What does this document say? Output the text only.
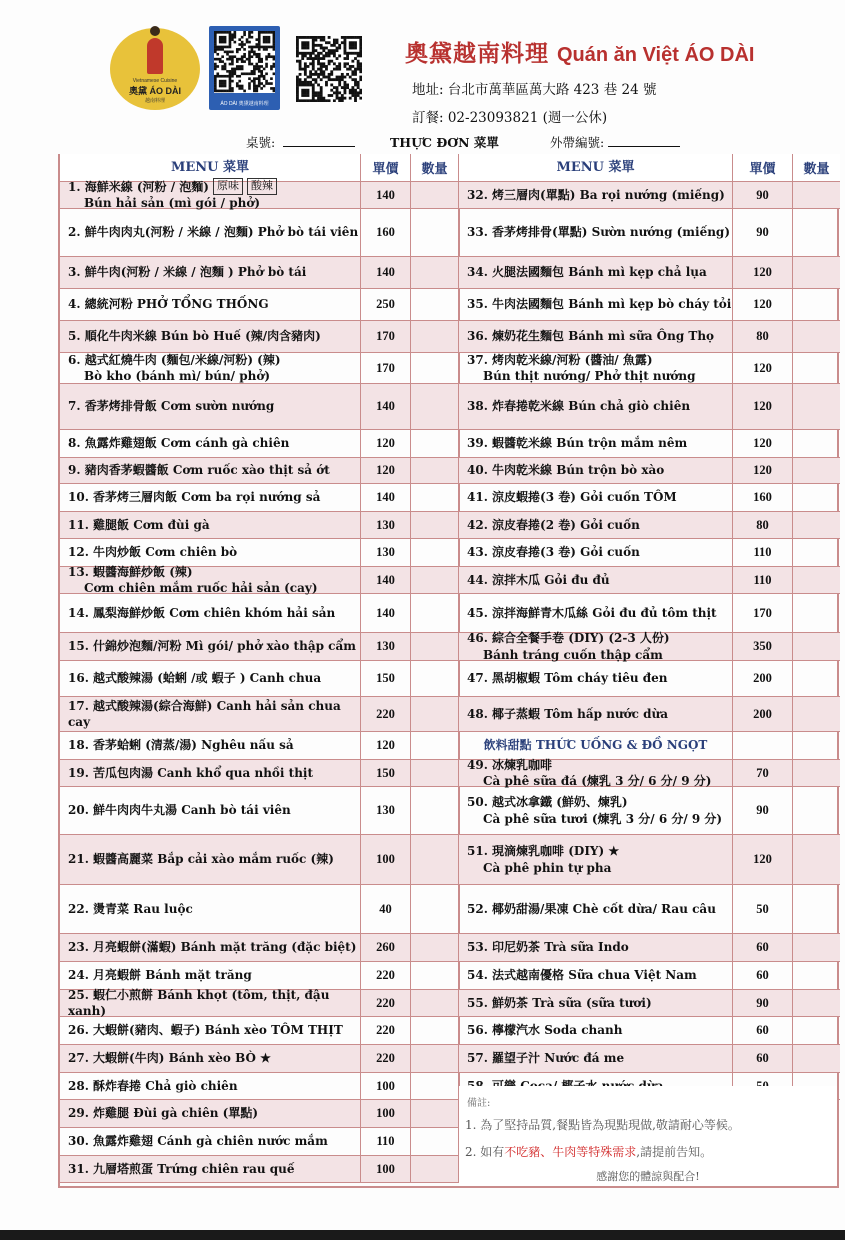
Vietnamese Cuisine
奧黛 ÁO DÀI
越南料理	ÁO DÀI 奧黛越南料理
奧黛越南料理 Quán ăn Việt ÁO DÀI
地址: 台北市萬華區萬大路 423 巷 24 號
訂餐: 02-23093821 (週一公休)
桌號:	THỰC ĐƠN 菜單	外帶編號:
MENU 菜單	單價	數量
1. 海鮮米線 (河粉 / 泡麵) 原味	酸辣
Bún hải sản (mì gói / phở)
140
2. 鮮牛肉肉丸(河粉 / 米線 / 泡麵) Phở bò tái viên	160
3. 鮮牛肉(河粉 / 米線 / 泡麵 ) Phở bò tái	140
4. 總統河粉 PHỞ TỔNG THỐNG	250
5. 順化牛肉米線 Bún bò Huế (辣/肉含豬肉)	170
6. 越式紅燒牛肉 (麵包/米線/河粉) (辣)
Bò kho (bánh mì/ bún/ phở)
170
7. 香茅烤排骨飯 Cơm sườn nướng	140
8. 魚露炸雞翅飯 Cơm cánh gà chiên	120
9. 豬肉香茅蝦醬飯 Cơm ruốc xào thịt sả ớt	120
10. 香茅烤三層肉飯 Cơm ba rọi nướng sả	140
11. 雞腿飯 Cơm đùi gà	130
12. 牛肉炒飯 Cơm chiên bò	130
13. 蝦醬海鮮炒飯 (辣)
Cơm chiên mắm ruốc hải sản (cay)
140
14. 鳳梨海鮮炒飯 Cơm chiên khóm hải sản	140
15. 什錦炒泡麵/河粉 Mì gói/ phở xào thập cẩm	130
16. 越式酸辣湯 (蛤蜊 /或 蝦子 ) Canh chua	150
17. 越式酸辣湯(綜合海鮮) Canh hải sản chua cay
220
18. 香茅蛤蜊 (清蒸/湯) Nghêu nấu sả	120
19. 苦瓜包肉湯 Canh khổ qua nhồi thịt	150
20. 鮮牛肉肉牛丸湯 Canh bò tái viên	130
21. 蝦醬高麗菜 Bắp cải xào mắm ruốc (辣)	100
22. 燙青菜 Rau luộc	40
23. 月亮蝦餅(滿蝦) Bánh mặt trăng (đặc biệt)	260
24. 月亮蝦餅 Bánh mặt trăng	220
25. 蝦仁小煎餅 Bánh khọt (tôm, thịt, đậu xanh)
220
26. 大蝦餅(豬肉、蝦子) Bánh xèo TÔM THỊT	220
27. 大蝦餅(牛肉) Bánh xèo BÒ ★	220
28. 酥炸春捲 Chả giò chiên	100
29. 炸雞腿 Đùi gà chiên (單點)	100
30. 魚露炸雞翅 Cánh gà chiên nước mắm	110
31. 九層塔煎蛋 Trứng chiên rau quế	100
MENU 菜單	單價	數量
32. 烤三層肉(單點) Ba rọi nướng (miếng)	90
33. 香茅烤排骨(單點) Sườn nướng (miếng)	90
34. 火腿法國麵包 Bánh mì kẹp chả lụa	120
35. 牛肉法國麵包 Bánh mì kẹp bò cháy tỏi	120
36. 煉奶花生麵包 Bánh mì sữa Ông Thọ	80
37. 烤肉乾米線/河粉 (醬油/ 魚露)
Bún thịt nướng/ Phở thịt nướng
120
38. 炸春捲乾米線 Bún chả giò chiên	120
39. 蝦醬乾米線 Bún trộn mắm nêm	120
40. 牛肉乾米線 Bún trộn bò xào	120
41. 涼皮蝦捲(3 卷) Gỏi cuốn TÔM	160
42. 涼皮春捲(2 卷) Gỏi cuốn	80
43. 涼皮春捲(3 卷) Gỏi cuốn	110
44. 涼拌木瓜 Gỏi đu đủ	110
45. 涼拌海鮮青木瓜絲 Gỏi đu đủ tôm thịt	170
46. 綜合全餐手卷 (DIY) (2-3 人份)
Bánh tráng cuốn thập cẩm
350
47. 黑胡椒蝦 Tôm cháy tiêu đen	200
48. 椰子蒸蝦 Tôm hấp nước dừa	200
飲料甜點 THỨC UỐNG & ĐỒ NGỌT
49. 冰煉乳咖啡
Cà phê sữa đá (煉乳 3 分/ 6 分/ 9 分)
70
50. 越式冰拿鐵 (鮮奶、煉乳)
Cà phê sữa tươi (煉乳 3 分/ 6 分/ 9 分)
90
51. 現滴煉乳咖啡 (DIY) ★
Cà phê phin tự pha
120
52. 椰奶甜湯/果凍 Chè cốt dừa/ Rau câu	50
53. 印尼奶茶 Trà sữa Indo	60
54. 法式越南優格 Sữa chua Việt Nam	60
55. 鮮奶茶 Trà sữa (sữa tươi)	90
56. 檸檬汽水 Soda chanh	60
57. 羅望子汁 Nước đá me	60
備註:
1. 為了堅持品質,餐點皆為現點現做,敬請耐心等候。
2. 如有不吃豬、牛肉等特殊需求,請提前告知。
感謝您的體諒與配合!
